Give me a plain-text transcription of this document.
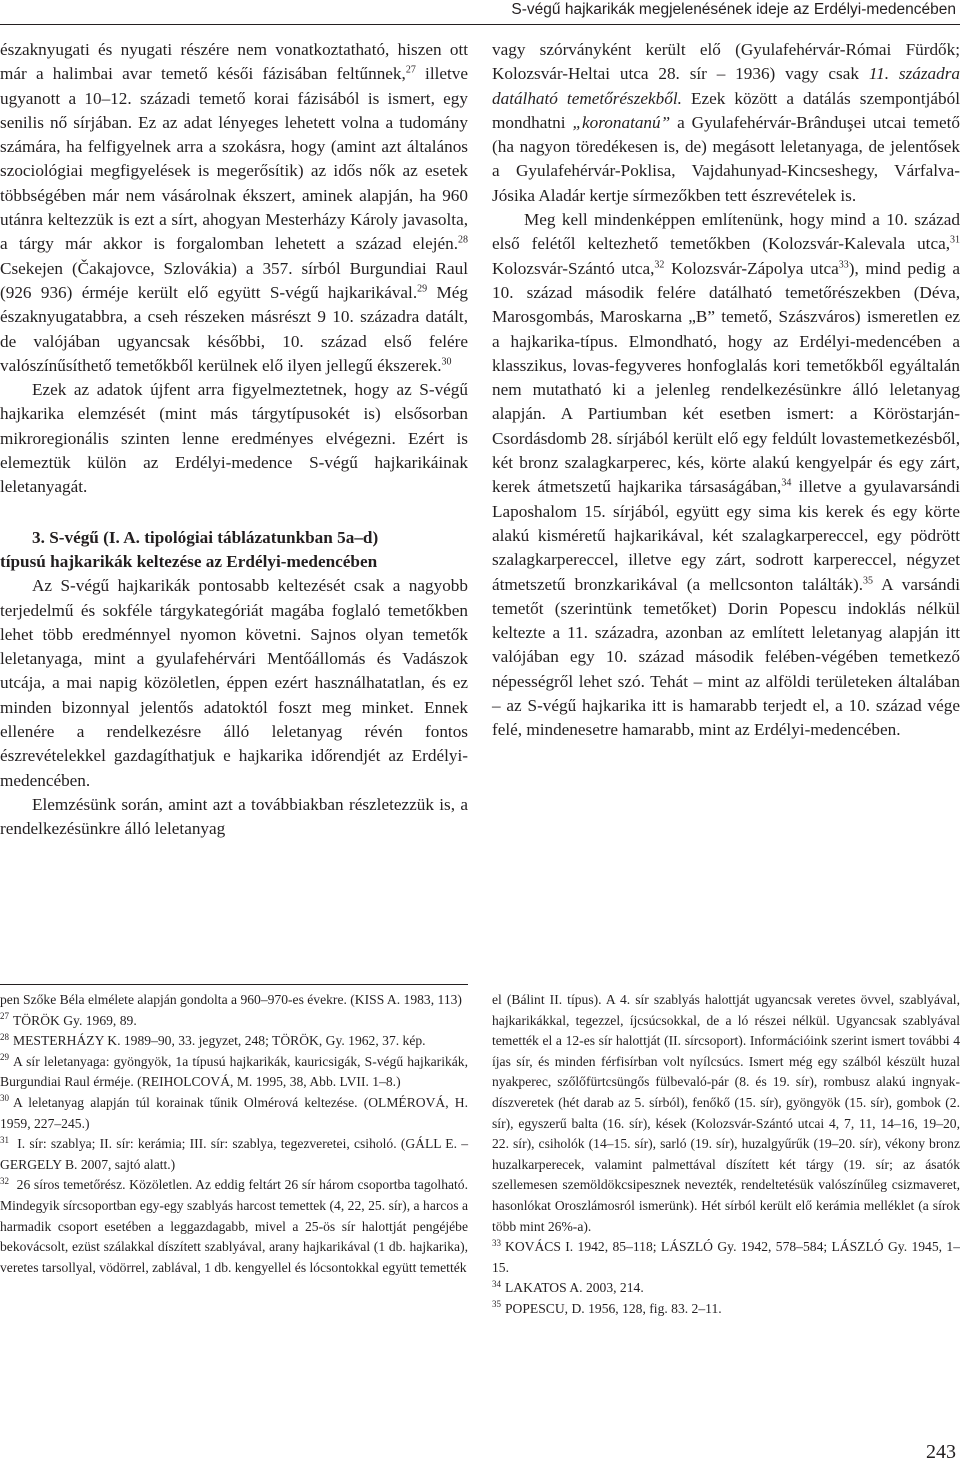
S-végű hajkarikák megjelenésének ideje az Erdélyi-medencében

északnyugati és nyugati részére nem vonatkoztatható, hiszen ott már a halimbai avar temető késői fázisában feltűnnek,$^{27}$ illetve ugyanott a 10–12. századi temető korai fázisából is ismert, egy senilis nő sírjában. Ez az adat lényeges lehetett volna a tudomány számára, ha felfigyelnek arra a szokásra, hogy (amint azt általános szociológiai megfigyelések is megerősítik) az idős nők az esetek többségében már nem vásárolnak ékszert, aminek alapján, ha 960 utánra keltezzük is ezt a sírt, ahogyan Mesterházy Károly javasolta, a tárgy már akkor is forgalomban lehetett a század elején.$^{28}$ Csekejen (Čakajovce, Szlovákia) a 357. sírból Burgundiai Raul (926 936) érméje került elő együtt S-végű hajkarikával.$^{29}$ Még északnyugatabbra, a cseh részeken másrészt 9 10. századra datált, de valójában ugyancsak későbbi, 10. század első felére valószínűsíthető temetőkből kerülnek elő ilyen jellegű ékszerek.$^{30}$

Ezek az adatok újfent arra figyelmeztetnek, hogy az S-végű hajkarika elemzését (mint más tárgytípusokét is) elsősorban mikroregionális szinten lenne eredményes elvégezni. Ezért is elemeztük külön az Erdélyi-medence S-végű hajkarikáinak leletanyagát.

3. S-végű (I. A. tipológiai táblázatunkban 5a–d)

típusú hajkarikák keltezése az Erdélyi-medencében

Az S-végű hajkarikák pontosabb keltezését csak a nagyobb terjedelmű és sokféle tárgykategóriát magába foglaló temetőkben lehet több eredménnyel nyomon követni. Sajnos olyan temetők leletanyaga, mint a gyulafehérvári Mentőállomás és Vadászok utcája, a mai napig közöletlen, éppen ezért használhatatlan, és ez minden bizonnyal jelentős adatoktól foszt meg minket. Ennek ellenére a rendelkezésre álló leletanyag révén fontos észrevételekkel gazdagíthatjuk e hajkarika időrendjét az Erdélyi-medencében.

Elemzésünk során, amint azt a továbbiakban részletezzük is, a rendelkezésünkre álló leletanyag

vagy szórványként került elő (Gyulafehérvár-Római Fürdők; Kolozsvár-Heltai utca 28. sír – 1936) vagy csak 11. századra datálható temetőrészekből. Ezek között a datálás szempontjából mondhatni „koronatanú” a Gyulafehérvár-Brânduşei utcai temető (ha nagyon töredékesen is, de) megásott leletanyaga, de jelentősek a Gyulafehérvár-Poklisa, Vajdahunyad-Kincseshegy, Várfalva-Jósika Aladár kertje sírmezőkben tett észrevételek is.

Meg kell mindenképpen említenünk, hogy mind a 10. század első felétől keltezhető temetőkben (Kolozsvár-Kalevala utca,$^{31}$ Kolozsvár-Szántó utca,$^{32}$ Kolozsvár-Zápolya utca$^{33}$), mind pedig a 10. század második felére datálható temetőrészekben (Déva, Marosgombás, Maroskarna „B” temető, Szászváros) ismeretlen ez a hajkarika-típus. Elmondható, hogy az Erdélyi-medencében a klasszikus, lovas-fegyveres honfoglalás kori temetőkből egyáltalán nem mutatható ki a jelenleg rendelkezésünkre álló leletanyag alapján. A Partiumban két esetben ismert: a Köröstarján-Csordásdomb 28. sírjából került elő egy feldúlt lovastemetkezésből, két bronz szalagkarperec, kés, körte alakú kengyelpár és egy zárt, kerek átmetszetű hajkarika társaságában,$^{34}$ illetve a gyulavarsándi Laposhalom 15. sírjából, együtt egy sima kis kerek és egy körte alakú kisméretű hajkarikával, két szalagkarpereccel, egy pödrött szalagkarpereccel, illetve egy zárt, sodrott karpereccel, négyzet átmetszetű bronzkarikával (a mellcsonton találták).$^{35}$ A varsándi temetőt (szerintünk temetőket) Dorin Popescu indoklás nélkül keltezte a 11. századra, azonban az említett leletanyag alapján itt valójában egy 10. század második felében-végében temetkező népességről lehet szó. Tehát – mint az alföldi területeken általában – az S-végű hajkarika itt is hamarabb terjedt el, a 10. század vége felé, mindenesetre hamarabb, mint az Erdélyi-medencében.

pen Szőke Béla elmélete alapján gondolta a 960–970-es évekre. (KISS A. 1983, 113)

$^{27}$ TÖRÖK Gy. 1969, 89.

$^{28}$ MESTERHÁZY K. 1989–90, 33. jegyzet, 248; TÖRÖK, Gy. 1962, 37. kép.

$^{29}$ A sír leletanyaga: gyöngyök, 1a típusú hajkarikák, kauricsigák, S-végű hajkarikák, Burgundiai Raul érméje. (REIHOLCOVÁ, M. 1995, 38, Abb. LVII. 1–8.)

$^{30}$ A leletanyag alapján túl korainak tűnik Olmérová keltezése. (OLMÉROVÁ, H. 1959, 227–245.)

$^{31}$ I. sír: szablya; II. sír: kerámia; III. sír: szablya, tegezveretei, csiholó. (GÁLL E. – GERGELY B. 2007, sajtó alatt.)

$^{32}$ 26 síros temetőrész. Közöletlen. Az eddig feltárt 26 sír három csoportba tagolható. Mindegyik sírcsoportban egy-egy szablyás harcost temettek (4, 22, 25. sír), a harcos a harmadik csoport esetében a leggazdagabb, mivel a 25-ös sír halottját pengéjébe bekovácsolt, ezüst szálakkal díszített szablyával, arany hajkarikával (1 db. hajkarika), veretes tarsollyal, vödörrel, zablával, 1 db. kengyellel és lócsontokkal együtt temették

el (Bálint II. típus). A 4. sír szablyás halottját ugyancsak veretes övvel, szablyával, hajkarikákkal, tegezzel, íjcsúcsokkal, de a ló részei nélkül. Ugyancsak szablyával temették el a 12-es sír halottját (II. sírcsoport). Információink szerint ismert további 4 íjas sír, és minden férfisírban volt nyílcsúcs. Ismert még egy szálból készült huzal nyakperec, szőlőfürtcsüngős fülbevaló-pár (8. és 19. sír), rombusz alakú ingnyak-díszveretek (hét darab az 5. sírból), fenőkő (15. sír), gyöngyök (15. sír), gombok (2. sír), egyszerű balta (16. sír), kések (Kolozsvár-Szántó utcai 4, 7, 11, 14–16, 19–20, 22. sír), csiholók (14–15. sír), sarló (19. sír), huzalgyűrűk (19–20. sír), vékony bronz huzalkarperecek, valamint palmettával díszített két tárgy (19. sír; az ásatók szellemesen szemöldökcsipesznek nevezték, rendeltetésük valószínűleg csizmaveret, hasonlókat Oroszlámosról ismerünk). Hét sírból került elő kerámia melléklet (a sírok több mint 26%-a).

$^{33}$ KOVÁCS I. 1942, 85–118; LÁSZLÓ Gy. 1942, 578–584; LÁSZLÓ Gy. 1945, 1–15.

$^{34}$ LAKATOS A. 2003, 214.

$^{35}$ POPESCU, D. 1956, 128, fig. 83. 2–11.

243
